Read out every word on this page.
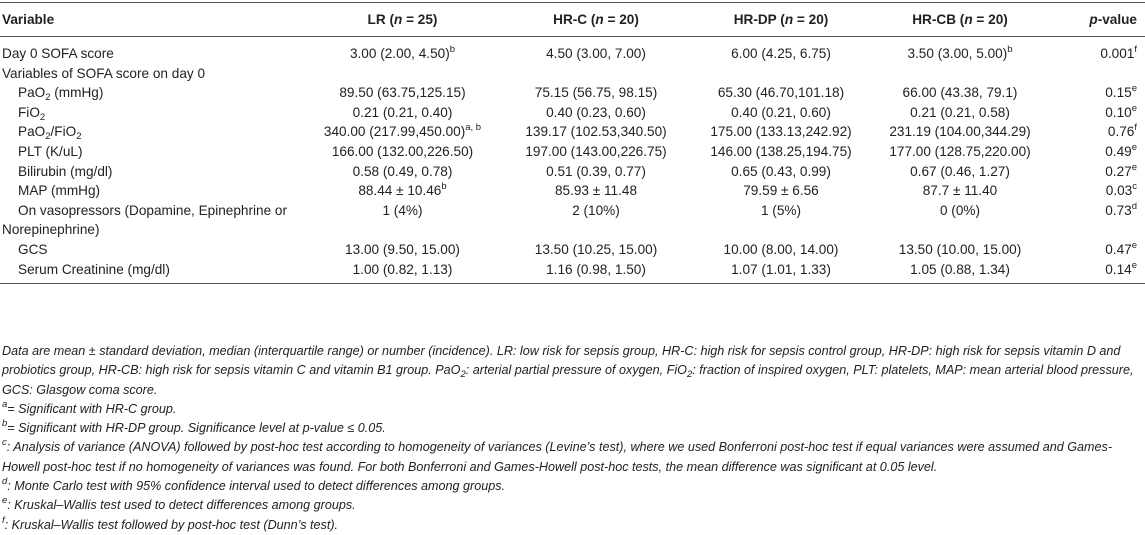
Variable	LR (n = 25)	HR-C (n = 20)	HR-DP (n = 20)	HR-CB (n = 20)	p-value
Day 0 SOFA score	3.00 (2.00, 4.50)$^b$	4.50 (3.00, 7.00)	6.00 (4.25, 6.75)	3.50 (3.00, 5.00)$^b$	0.001$^f$
Variables of SOFA score on day 0					
PaO$_2$ (mmHg)	89.50 (63.75,125.15)	75.15 (56.75, 98.15)	65.30 (46.70,101.18)	66.00 (43.38, 79.1)	0.15e
FiO$_2$	0.21 (0.21, 0.40)	0.40 (0.23, 0.60)	0.40 (0.21, 0.60)	0.21 (0.21, 0.58)	0.10e
PaO$_2$/FiO$_2$	340.00 $(217.99,450.00)^{a, b}$	139.17 (102.53,340.50)	175.00 (133.13,242.92)	231.19 (104.00,344.29)	0.76$^f$
PLT (K/uL)	166.00 (132.00,226.50)	197.00 (143.00,226.75)	146.00 (138.25,194.75)	177.00 (128.75,220.00)	0.49e
Bilirubin (mg/dl)	0.58 (0.49, 0.78)	0.51 (0.39, 0.77)	0.65 (0.43, 0.99)	0.67 (0.46, 1.27)	0.27e
MAP (mmHg)	88.44 ± 10.46$^b$	85.93 ± 11.48	79.59 ± 6.56	87.7 ± 11.40	0.03$^c$
On vasopressors (Dopamine, Epinephrine or
Norepinephrine)	1 (4%)	2 (10%)	1 (5%)	0 (0%)	0.73$^d$
GCS	13.00 (9.50, 15.00)	13.50 (10.25, 15.00)	10.00 (8.00, 14.00)	13.50 (10.00, 15.00)	0.47e
Serum Creatinine (mg/dl)	1.00 (0.82, 1.13)	1.16 (0.98, 1.50)	1.07 (1.01, 1.33)	1.05 (0.88, 1.34)	0.14e

Data are mean ± standard deviation, median (interquartile range) or number (incidence). LR: low risk for sepsis group, HR-C: high risk for sepsis control group, HR-DP: high risk for sepsis vitamin D and probiotics group, HR-CB: high risk for sepsis vitamin C and vitamin B1 group. PaO$_2$: arterial partial pressure of oxygen, FiO$_2$: fraction of inspired oxygen, PLT: platelets, MAP: mean arterial blood pressure, GCS: Glasgow coma score.

$^a$= Significant with HR-C group.

$^b$= Significant with HR-DP group. Significance level at p-value ≤ 0.05.

$^c$: Analysis of variance (ANOVA) followed by post-hoc test according to homogeneity of variances (Levine’s test), where we used Bonferroni post-hoc test if equal variances were assumed and Games-Howell post-hoc test if no homogeneity of variances was found. For both Bonferroni and Games-Howell post-hoc tests, the mean difference was significant at 0.05 level.

$^d$: Monte Carlo test with 95% confidence interval used to detect differences among groups.

$^e$: Kruskal–Wallis test used to detect differences among groups.

$^f$: Kruskal–Wallis test followed by post-hoc test (Dunn’s test).
